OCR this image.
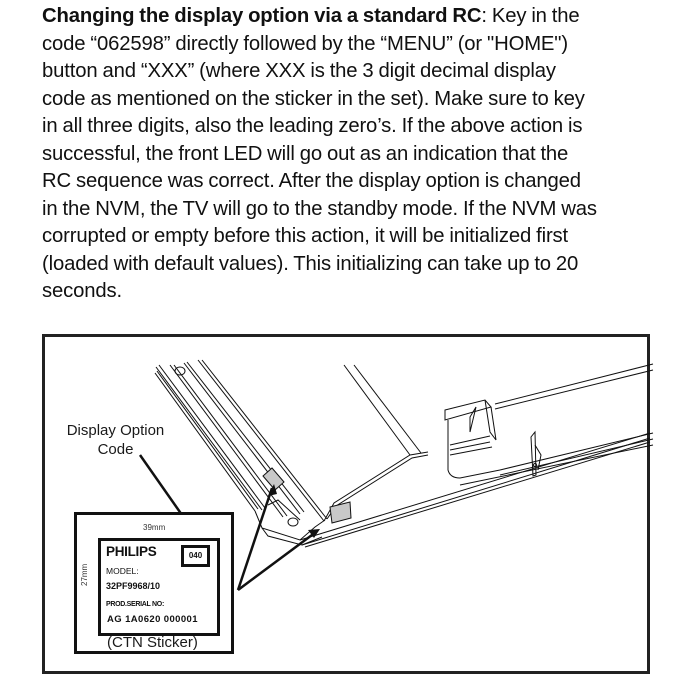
Changing the display option via a standard RC: Key in the
code “062598” directly followed by the “MENU” (or "HOME")
button and “XXX” (where XXX is the 3 digit decimal display
code as mentioned on the sticker in the set). Make sure to key
in all three digits, also the leading zero’s. If the above action is
successful, the front LED will go out as an indication that the
RC sequence was correct. After the display option is changed
in the NVM, the TV will go to the standby mode. If the NVM was
corrupted or empty before this action, it will be initialized first
(loaded with default values). This initializing can take up to 20
seconds.
Display Option
Code
39mm
27mm
PHILIPS	040
MODEL:
32PF9968/10
PROD.SERIAL NO:
AG 1A0620 000001
(CTN Sticker)
